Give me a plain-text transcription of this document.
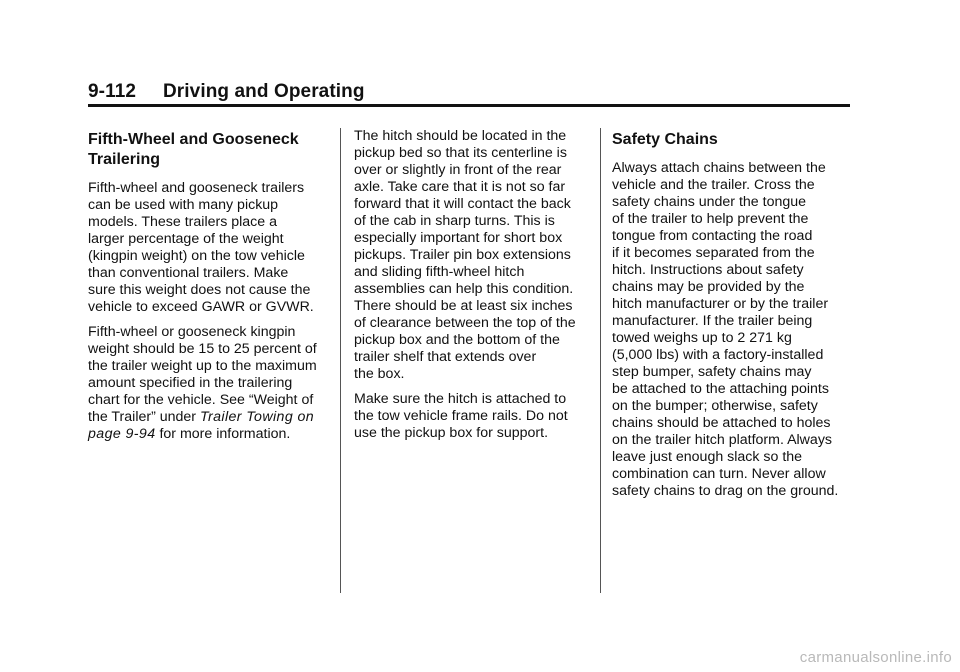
9-112 Driving and Operating
Fifth-Wheel and Gooseneck
Trailering

Fifth-wheel and gooseneck trailers
can be used with many pickup
models. These trailers place a
larger percentage of the weight
(kingpin weight) on the tow vehicle
than conventional trailers. Make
sure this weight does not cause the
vehicle to exceed GAWR or GVWR.

Fifth-wheel or gooseneck kingpin
weight should be 15 to 25 percent of
the trailer weight up to the maximum
amount specified in the trailering
chart for the vehicle. See “Weight of
the Trailer” under Trailer Towing on
page 9-94 for more information.

The hitch should be located in the
pickup bed so that its centerline is
over or slightly in front of the rear
axle. Take care that it is not so far
forward that it will contact the back
of the cab in sharp turns. This is
especially important for short box
pickups. Trailer pin box extensions
and sliding fifth-wheel hitch
assemblies can help this condition.
There should be at least six inches
of clearance between the top of the
pickup box and the bottom of the
trailer shelf that extends over
the box.

Make sure the hitch is attached to
the tow vehicle frame rails. Do not
use the pickup box for support.

Safety Chains

Always attach chains between the
vehicle and the trailer. Cross the
safety chains under the tongue
of the trailer to help prevent the
tongue from contacting the road
if it becomes separated from the
hitch. Instructions about safety
chains may be provided by the
hitch manufacturer or by the trailer
manufacturer. If the trailer being
towed weighs up to 2 271 kg
(5,000 lbs) with a factory-installed
step bumper, safety chains may
be attached to the attaching points
on the bumper; otherwise, safety
chains should be attached to holes
on the trailer hitch platform. Always
leave just enough slack so the
combination can turn. Never allow
safety chains to drag on the ground.

carmanualsonline.info
